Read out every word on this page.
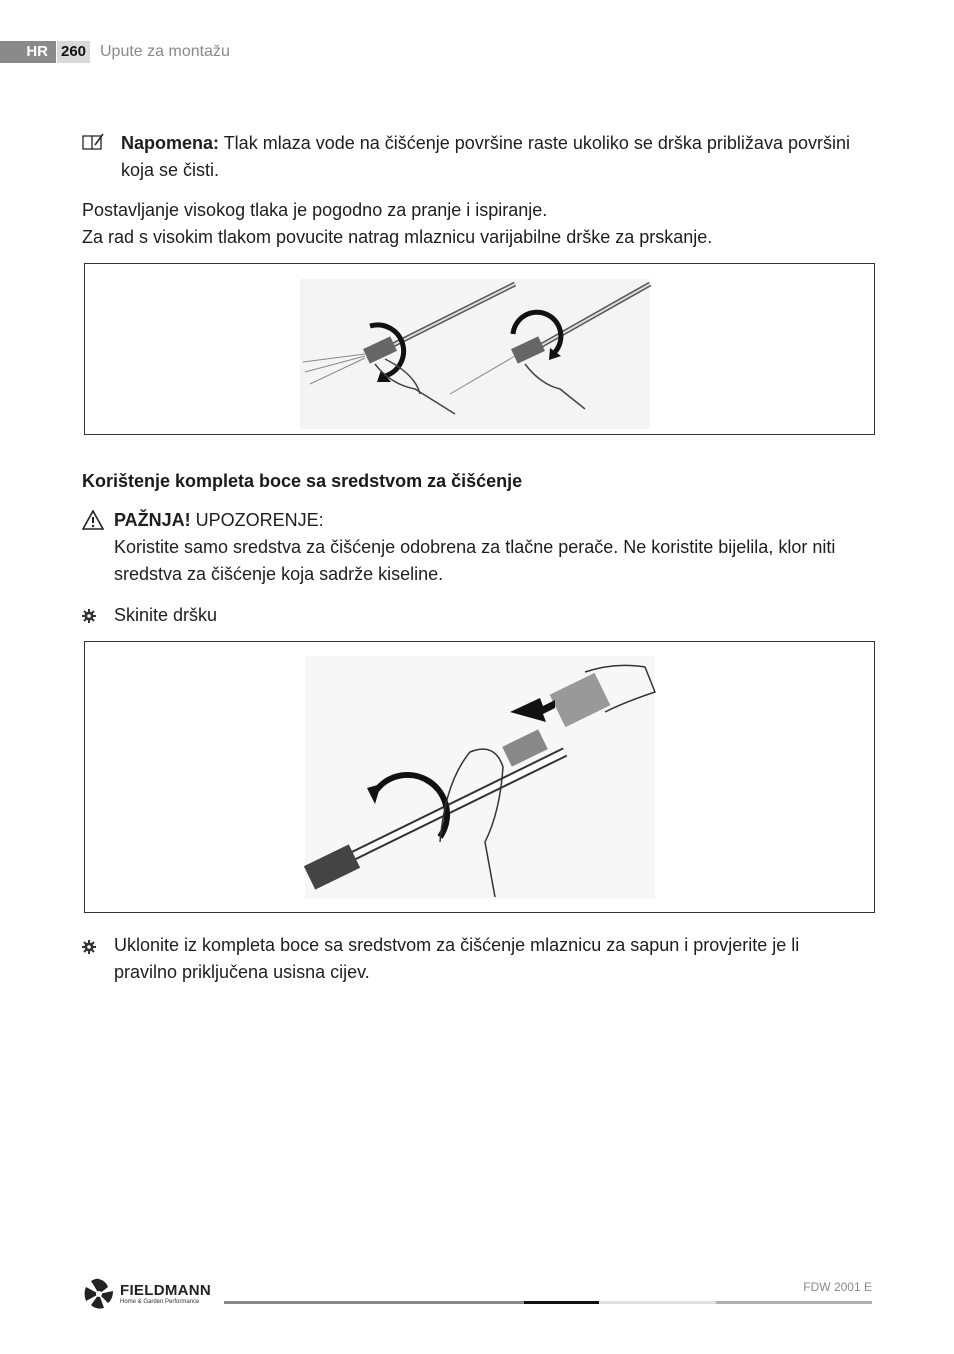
HR 260 Upute za montažu
Napomena: Tlak mlaza vode na čišćenje površine raste ukoliko se drška približava površini koja se čisti.
Postavljanje visokog tlaka je pogodno za pranje i ispiranje.
Za rad s visokim tlakom povucite natrag mlaznicu varijabilne drške za prskanje.
Korištenje kompleta boce sa sredstvom za čišćenje
PAŽNJA! UPOZORENJE:
Koristite samo sredstva za čišćenje odobrena za tlačne perače. Ne koristite bijelila, klor niti sredstva za čišćenje koja sadrže kiseline.
Skinite dršku
Uklonite iz kompleta boce sa sredstvom za čišćenje mlaznicu za sapun i provjerite je li pravilno priključena usisna cijev.
FIELDMANN
Home & Garden Performance
FDW 2001 E
